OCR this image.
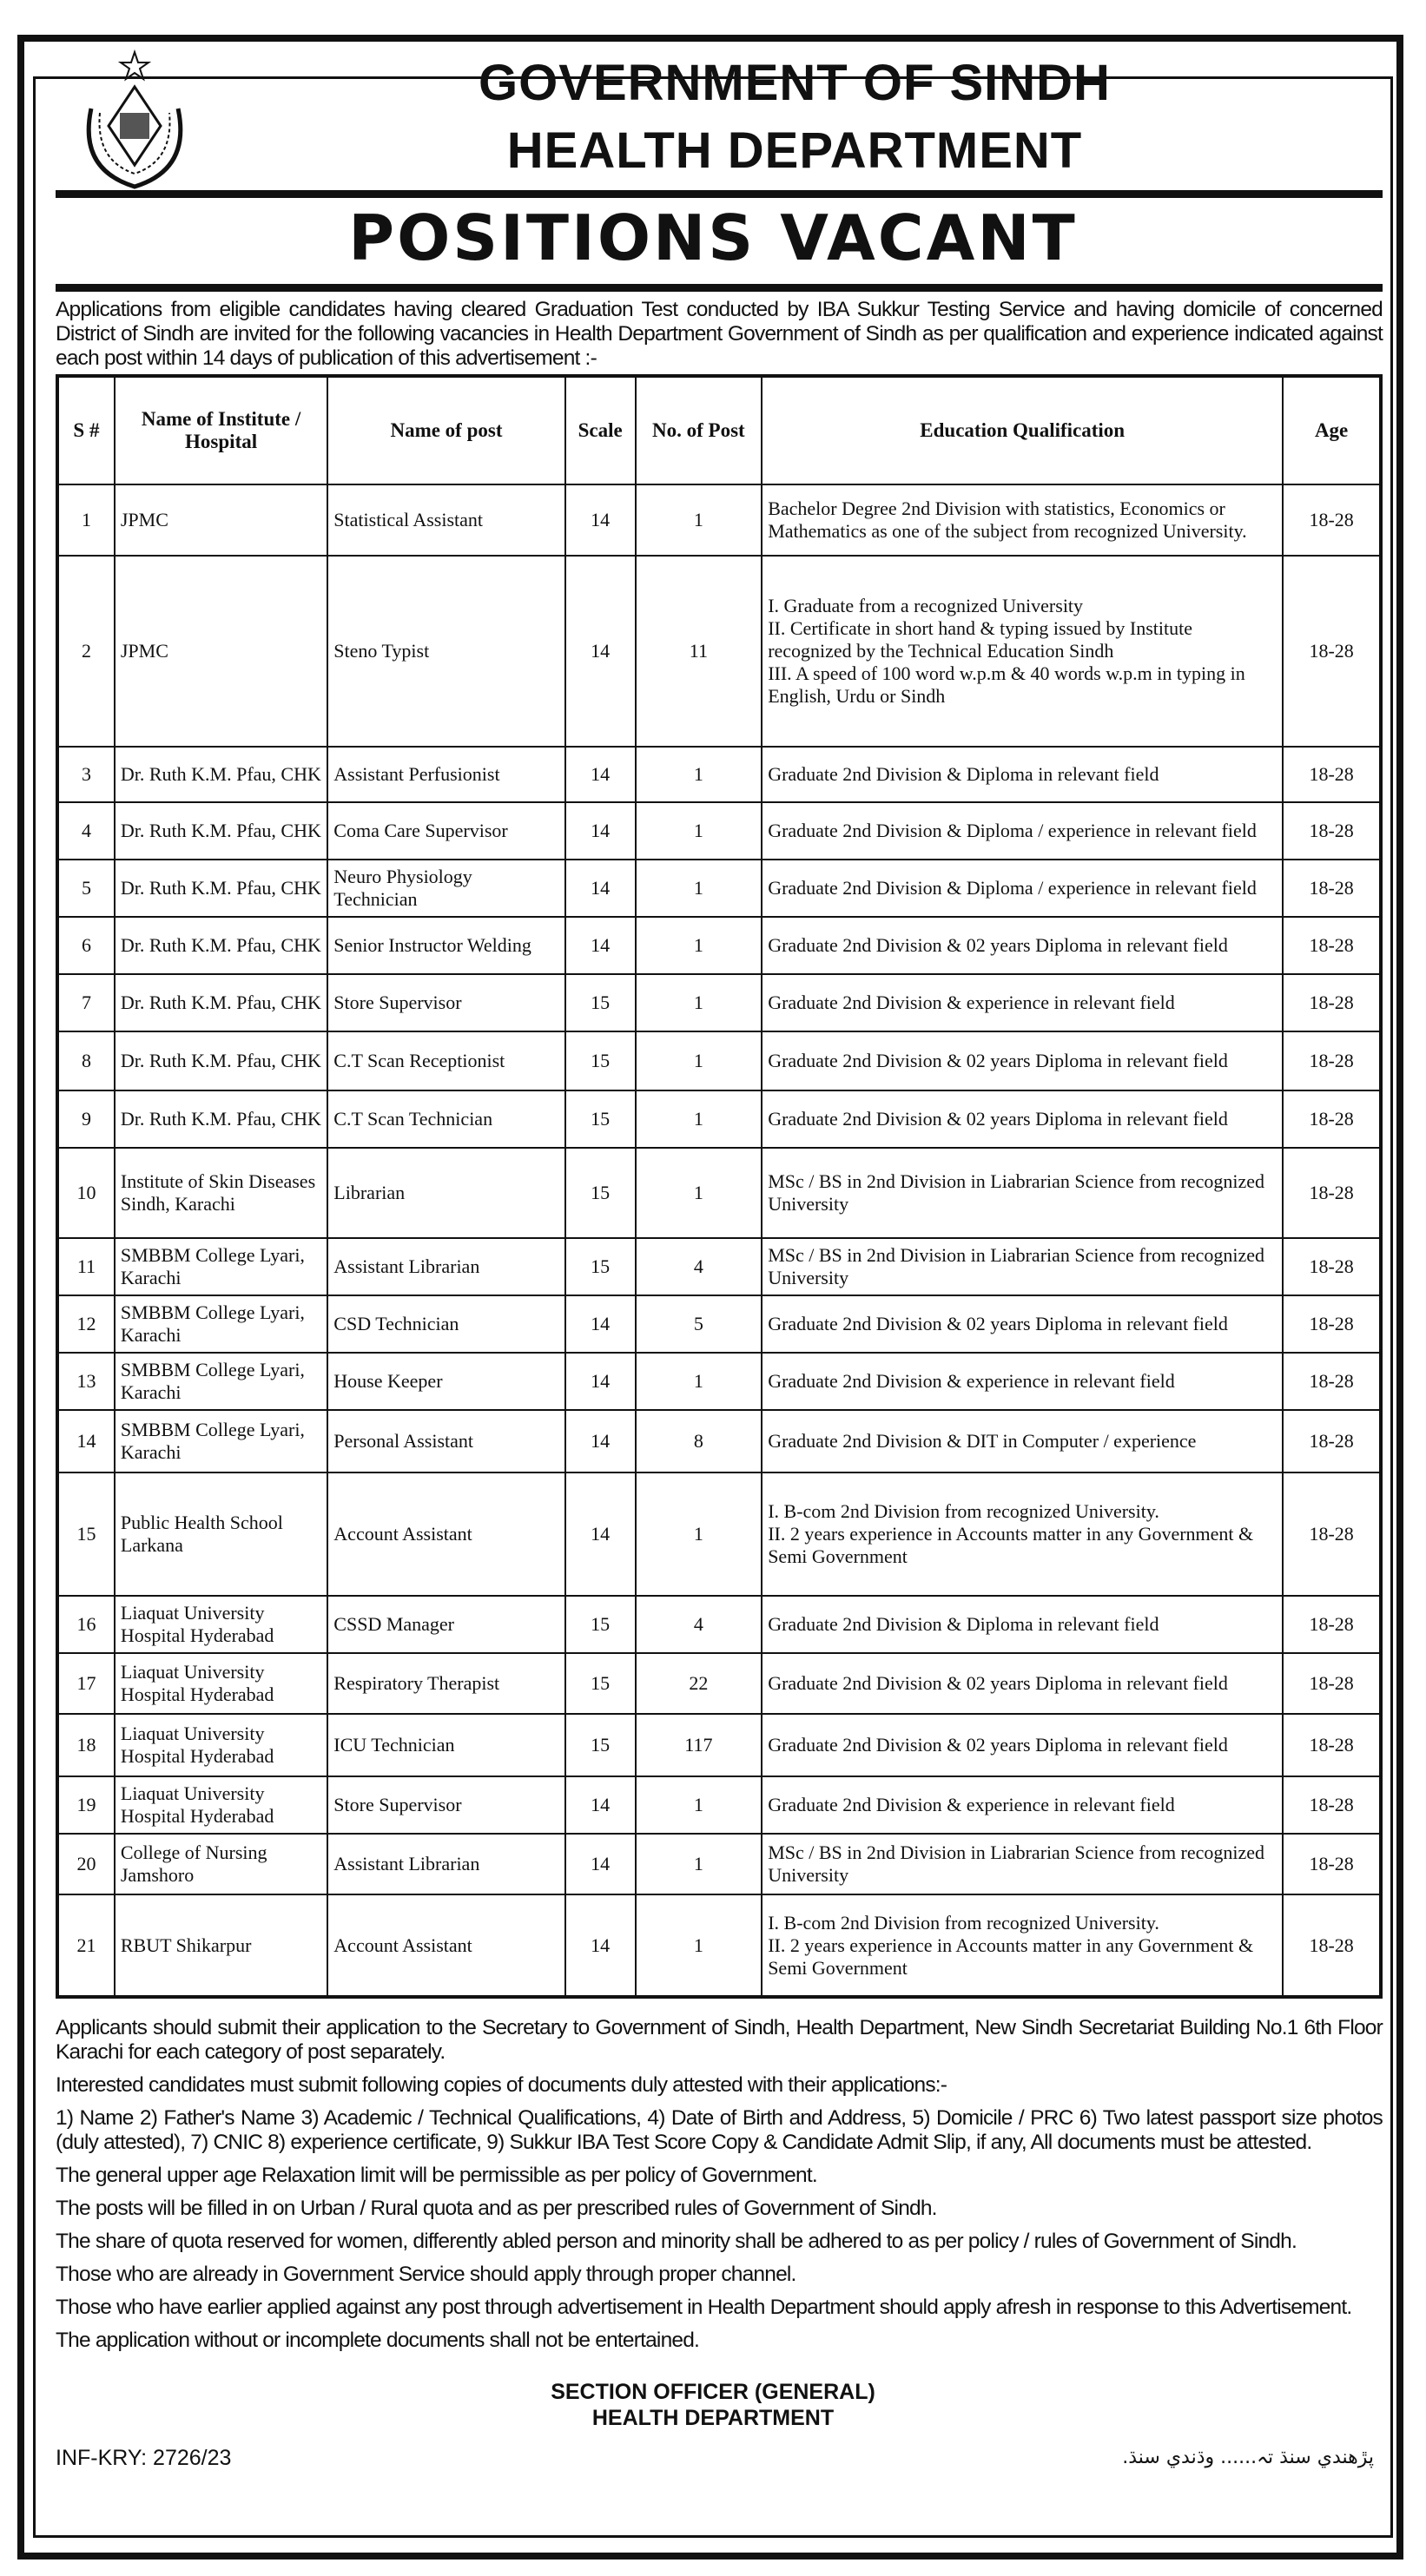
GOVERNMENT OF SINDH
HEALTH DEPARTMENT
POSITIONS VACANT
Applications from eligible candidates having cleared Graduation Test conducted by IBA Sukkur Testing Service and having domicile of concerned District of Sindh are invited for the following vacancies in Health Department Government of Sindh as per qualification and experience indicated against each post within 14 days of publication of this advertisement :-
S #	Name of Institute / Hospital	Name of post	Scale	No. of Post	Education Qualification	Age
1	JPMC	Statistical Assistant	14	1	Bachelor Degree 2nd Division with statistics, Economics or Mathematics as one of the subject from recognized University.	18-28
2	JPMC	Steno Typist	14	11	I. Graduate from a recognized University
II. Certificate in short hand & typing issued by Institute recognized by the Technical Education Sindh
III. A speed of 100 word w.p.m & 40 words w.p.m in typing in English, Urdu or Sindh	18-28
3	Dr. Ruth K.M. Pfau, CHK	Assistant Perfusionist	14	1	Graduate 2nd Division & Diploma in relevant field	18-28
4	Dr. Ruth K.M. Pfau, CHK	Coma Care Supervisor	14	1	Graduate 2nd Division & Diploma / experience in relevant field	18-28
5	Dr. Ruth K.M. Pfau, CHK	Neuro Physiology Technician	14	1	Graduate 2nd Division & Diploma / experience in relevant field	18-28
6	Dr. Ruth K.M. Pfau, CHK	Senior Instructor Welding	14	1	Graduate 2nd Division & 02 years Diploma in relevant field	18-28
7	Dr. Ruth K.M. Pfau, CHK	Store Supervisor	15	1	Graduate 2nd Division & experience in relevant field	18-28
8	Dr. Ruth K.M. Pfau, CHK	C.T Scan Receptionist	15	1	Graduate 2nd Division & 02 years Diploma in relevant field	18-28
9	Dr. Ruth K.M. Pfau, CHK	C.T Scan Technician	15	1	Graduate 2nd Division & 02 years Diploma in relevant field	18-28
10	Institute of Skin Diseases Sindh, Karachi	Librarian	15	1	MSc / BS in 2nd Division in Liabrarian Science from recognized University	18-28
11	SMBBM College Lyari, Karachi	Assistant Librarian	15	4	MSc / BS in 2nd Division in Liabrarian Science from recognized University	18-28
12	SMBBM College Lyari, Karachi	CSD Technician	14	5	Graduate 2nd Division & 02 years Diploma in relevant field	18-28
13	SMBBM College Lyari, Karachi	House Keeper	14	1	Graduate 2nd Division & experience in relevant field	18-28
14	SMBBM College Lyari, Karachi	Personal Assistant	14	8	Graduate 2nd Division & DIT in Computer / experience	18-28
15	Public Health School Larkana	Account Assistant	14	1	I. B-com 2nd Division from recognized University.
II. 2 years experience in Accounts matter in any Government & Semi Government	18-28
16	Liaquat University Hospital Hyderabad	CSSD Manager	15	4	Graduate 2nd Division & Diploma in relevant field	18-28
17	Liaquat University Hospital Hyderabad	Respiratory Therapist	15	22	Graduate 2nd Division & 02 years Diploma in relevant field	18-28
18	Liaquat University Hospital Hyderabad	ICU Technician	15	117	Graduate 2nd Division & 02 years Diploma in relevant field	18-28
19	Liaquat University Hospital Hyderabad	Store Supervisor	14	1	Graduate 2nd Division & experience in relevant field	18-28
20	College of Nursing Jamshoro	Assistant Librarian	14	1	MSc / BS in 2nd Division in Liabrarian Science from recognized University	18-28
21	RBUT Shikarpur	Account Assistant	14	1	I. B-com 2nd Division from recognized University.
II. 2 years experience in Accounts matter in any Government & Semi Government	18-28
Applicants should submit their application to the Secretary to Government of Sindh, Health Department, New Sindh Secretariat Building No.1 6th Floor Karachi for each category of post separately.
Interested candidates must submit following copies of documents duly attested with their applications:-
1) Name 2) Father's Name 3) Academic / Technical Qualifications, 4) Date of Birth and Address, 5) Domicile / PRC 6) Two latest passport size photos (duly attested), 7) CNIC 8) experience certificate, 9) Sukkur IBA Test Score Copy & Candidate Admit Slip, if any, All documents must be attested.
The general upper age Relaxation limit will be permissible as per policy of Government.
The posts will be filled in on Urban / Rural quota and as per prescribed rules of Government of Sindh.
The share of quota reserved for women, differently abled person and minority shall be adhered to as per policy / rules of Government of Sindh.
Those who are already in Government Service should apply through proper channel.
Those who have earlier applied against any post through advertisement in Health Department should apply afresh in response to this Advertisement.
The application without or incomplete documents shall not be entertained.
SECTION OFFICER (GENERAL)
HEALTH DEPARTMENT
INF-KRY: 2726/23	پڙهندي سنڌ تہ...... وڌندي سنڌ.
